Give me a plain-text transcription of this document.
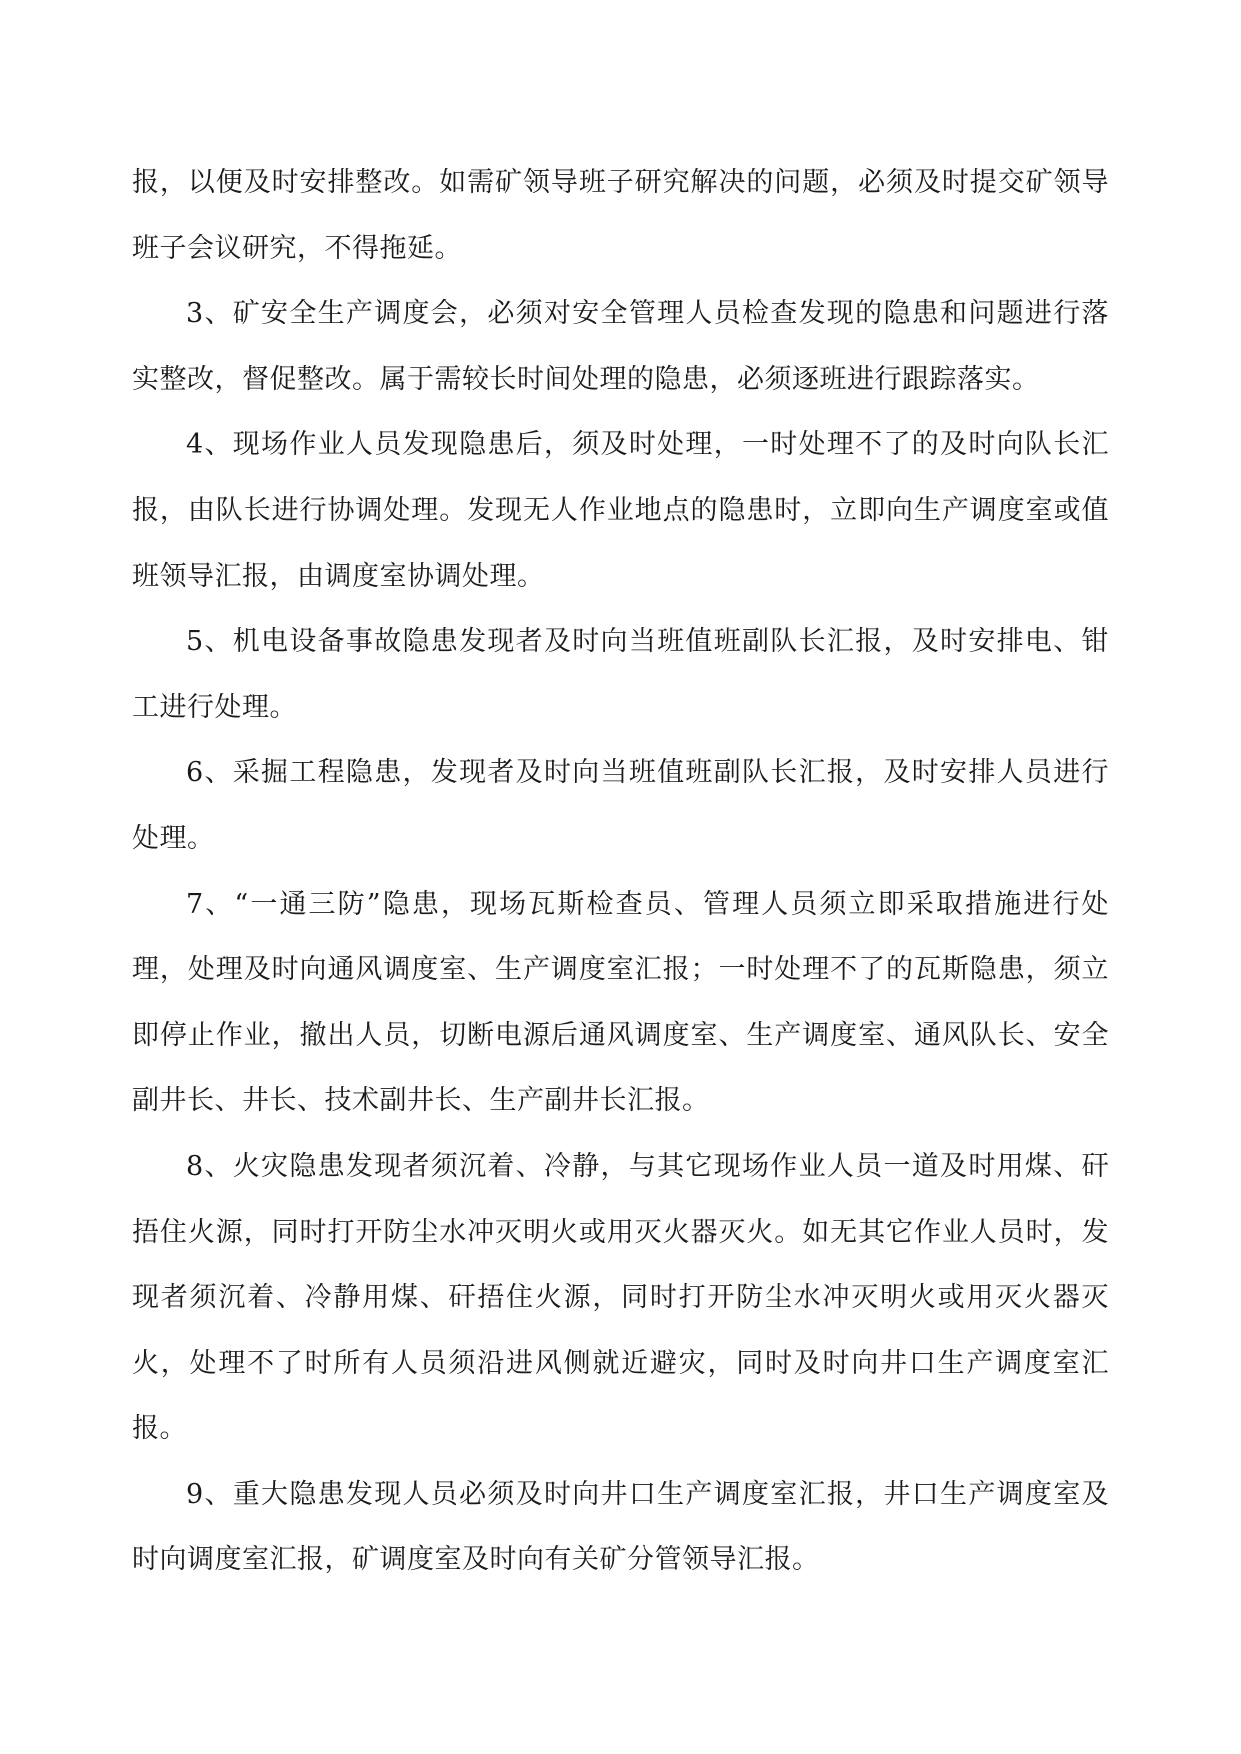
报，以便及时安排整改。如需矿领导班子研究解决的问题，必须及时提交矿领导班子会议研究，不得拖延。

3、矿安全生产调度会，必须对安全管理人员检查发现的隐患和问题进行落实整改，督促整改。属于需较长时间处理的隐患，必须逐班进行跟踪落实。

4、现场作业人员发现隐患后，须及时处理，一时处理不了的及时向队长汇报，由队长进行协调处理。发现无人作业地点的隐患时，立即向生产调度室或值班领导汇报，由调度室协调处理。

5、机电设备事故隐患发现者及时向当班值班副队长汇报，及时安排电、钳工进行处理。

6、采掘工程隐患，发现者及时向当班值班副队长汇报，及时安排人员进行处理。

7、“一通三防”隐患，现场瓦斯检查员、管理人员须立即采取措施进行处理，处理及时向通风调度室、生产调度室汇报；一时处理不了的瓦斯隐患，须立即停止作业，撤出人员，切断电源后通风调度室、生产调度室、通风队长、安全副井长、井长、技术副井长、生产副井长汇报。

8、火灾隐患发现者须沉着、冷静，与其它现场作业人员一道及时用煤、矸捂住火源，同时打开防尘水冲灭明火或用灭火器灭火。如无其它作业人员时，发现者须沉着、冷静用煤、矸捂住火源，同时打开防尘水冲灭明火或用灭火器灭火，处理不了时所有人员须沿进风侧就近避灾，同时及时向井口生产调度室汇报。

9、重大隐患发现人员必须及时向井口生产调度室汇报，井口生产调度室及时向调度室汇报，矿调度室及时向有关矿分管领导汇报。
